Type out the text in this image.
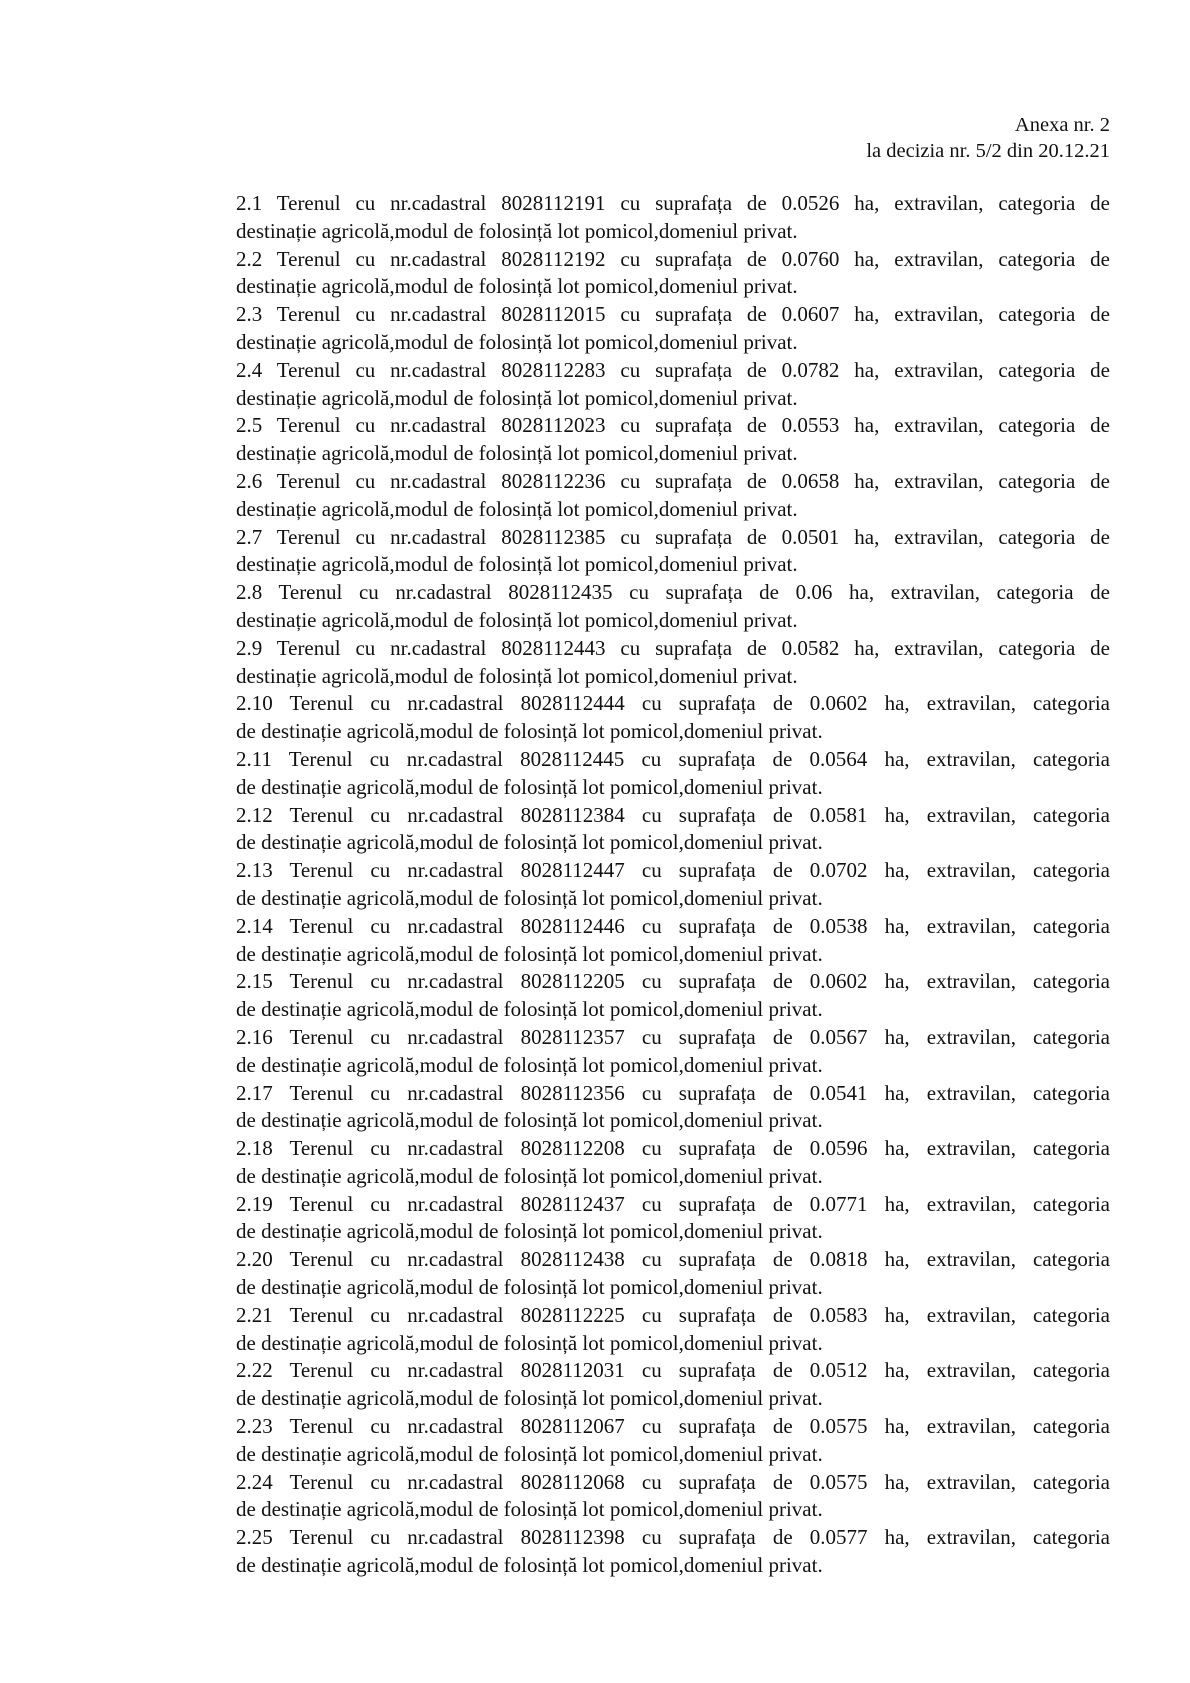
Anexa nr. 2
la decizia nr. 5/2 din 20.12.21

2.1 Terenul cu nr.cadastral 8028112191 cu suprafața de 0.0526 ha, extravilan, categoria de

destinație agricolă,modul de folosință lot pomicol,domeniul privat.

2.2 Terenul cu nr.cadastral 8028112192 cu suprafața de 0.0760 ha, extravilan, categoria de

destinație agricolă,modul de folosință lot pomicol,domeniul privat.

2.3 Terenul cu nr.cadastral 8028112015 cu suprafața de 0.0607 ha, extravilan, categoria de

destinație agricolă,modul de folosință lot pomicol,domeniul privat.

2.4 Terenul cu nr.cadastral 8028112283 cu suprafața de 0.0782 ha, extravilan, categoria de

destinație agricolă,modul de folosință lot pomicol,domeniul privat.

2.5 Terenul cu nr.cadastral 8028112023 cu suprafața de 0.0553 ha, extravilan, categoria de

destinație agricolă,modul de folosință lot pomicol,domeniul privat.

2.6 Terenul cu nr.cadastral 8028112236 cu suprafața de 0.0658 ha, extravilan, categoria de

destinație agricolă,modul de folosință lot pomicol,domeniul privat.

2.7 Terenul cu nr.cadastral 8028112385 cu suprafața de 0.0501 ha, extravilan, categoria de

destinație agricolă,modul de folosință lot pomicol,domeniul privat.

2.8 Terenul cu nr.cadastral 8028112435 cu suprafața de 0.06 ha, extravilan, categoria de

destinație agricolă,modul de folosință lot pomicol,domeniul privat.

2.9 Terenul cu nr.cadastral 8028112443 cu suprafața de 0.0582 ha, extravilan, categoria de

destinație agricolă,modul de folosință lot pomicol,domeniul privat.

2.10 Terenul cu nr.cadastral 8028112444 cu suprafața de 0.0602 ha, extravilan, categoria

de destinație agricolă,modul de folosință lot pomicol,domeniul privat.

2.11 Terenul cu nr.cadastral 8028112445 cu suprafața de 0.0564 ha, extravilan, categoria

de destinație agricolă,modul de folosință lot pomicol,domeniul privat.

2.12 Terenul cu nr.cadastral 8028112384 cu suprafața de 0.0581 ha, extravilan, categoria

de destinație agricolă,modul de folosință lot pomicol,domeniul privat.

2.13 Terenul cu nr.cadastral 8028112447 cu suprafața de 0.0702 ha, extravilan, categoria

de destinație agricolă,modul de folosință lot pomicol,domeniul privat.

2.14 Terenul cu nr.cadastral 8028112446 cu suprafața de 0.0538 ha, extravilan, categoria

de destinație agricolă,modul de folosință lot pomicol,domeniul privat.

2.15 Terenul cu nr.cadastral 8028112205 cu suprafața de 0.0602 ha, extravilan, categoria

de destinație agricolă,modul de folosință lot pomicol,domeniul privat.

2.16 Terenul cu nr.cadastral 8028112357 cu suprafața de 0.0567 ha, extravilan, categoria

de destinație agricolă,modul de folosință lot pomicol,domeniul privat.

2.17 Terenul cu nr.cadastral 8028112356 cu suprafața de 0.0541 ha, extravilan, categoria

de destinație agricolă,modul de folosință lot pomicol,domeniul privat.

2.18 Terenul cu nr.cadastral 8028112208 cu suprafața de 0.0596 ha, extravilan, categoria

de destinație agricolă,modul de folosință lot pomicol,domeniul privat.

2.19 Terenul cu nr.cadastral 8028112437 cu suprafața de 0.0771 ha, extravilan, categoria

de destinație agricolă,modul de folosință lot pomicol,domeniul privat.

2.20 Terenul cu nr.cadastral 8028112438 cu suprafața de 0.0818 ha, extravilan, categoria

de destinație agricolă,modul de folosință lot pomicol,domeniul privat.

2.21 Terenul cu nr.cadastral 8028112225 cu suprafața de 0.0583 ha, extravilan, categoria

de destinație agricolă,modul de folosință lot pomicol,domeniul privat.

2.22 Terenul cu nr.cadastral 8028112031 cu suprafața de 0.0512 ha, extravilan, categoria

de destinație agricolă,modul de folosință lot pomicol,domeniul privat.

2.23 Terenul cu nr.cadastral 8028112067 cu suprafața de 0.0575 ha, extravilan, categoria

de destinație agricolă,modul de folosință lot pomicol,domeniul privat.

2.24 Terenul cu nr.cadastral 8028112068 cu suprafața de 0.0575 ha, extravilan, categoria

de destinație agricolă,modul de folosință lot pomicol,domeniul privat.

2.25 Terenul cu nr.cadastral 8028112398 cu suprafața de 0.0577 ha, extravilan, categoria

de destinație agricolă,modul de folosință lot pomicol,domeniul privat.
